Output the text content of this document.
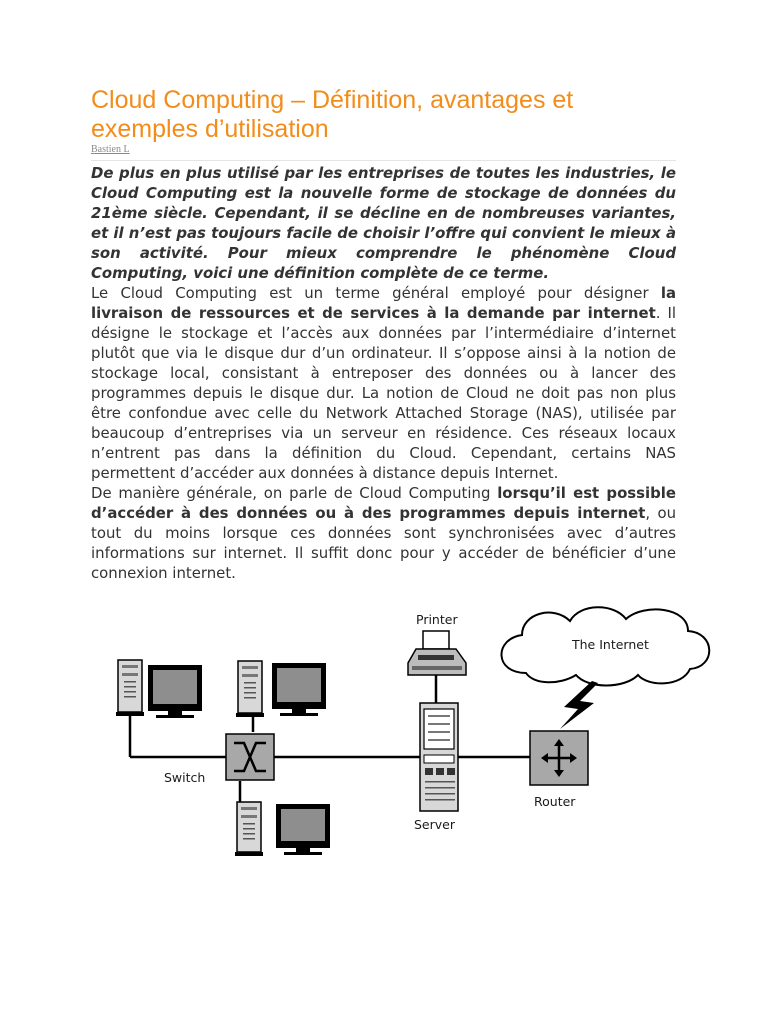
Cloud Computing – Définition, avantages et exemples d’utilisation
Bastien L

De plus en plus utilisé par les entreprises de toutes les industries, le Cloud Computing est la nouvelle forme de stockage de données du 21ème siècle. Cependant, il se décline en de nombreuses variantes, et il n’est pas toujours facile de choisir l’offre qui convient le mieux à son activité. Pour mieux comprendre le phénomène Cloud Computing, voici une définition complète de ce terme.

Le Cloud Computing est un terme général employé pour désigner la livraison de ressources et de services à la demande par internet. Il désigne le stockage et l’accès aux données par l’intermédiaire d’internet plutôt que via le disque dur d’un ordinateur. Il s’oppose ainsi à la notion de stockage local, consistant à entreposer des données ou à lancer des programmes depuis le disque dur. La notion de Cloud ne doit pas non plus être confondue avec celle du Network Attached Storage (NAS), utilisée par beaucoup d’entreprises via un serveur en résidence. Ces réseaux locaux n’entrent pas dans la définition du Cloud. Cependant, certains NAS permettent d’accéder aux données à distance depuis Internet.

De manière générale, on parle de Cloud Computing lorsqu’il est possible d’accéder à des données ou à des programmes depuis internet, ou tout du moins lorsque ces données sont synchronisées avec d’autres informations sur internet. Il suffit donc pour y accéder de bénéficier d’une connexion internet.

Switch
Printer
Server
The Internet
Router
